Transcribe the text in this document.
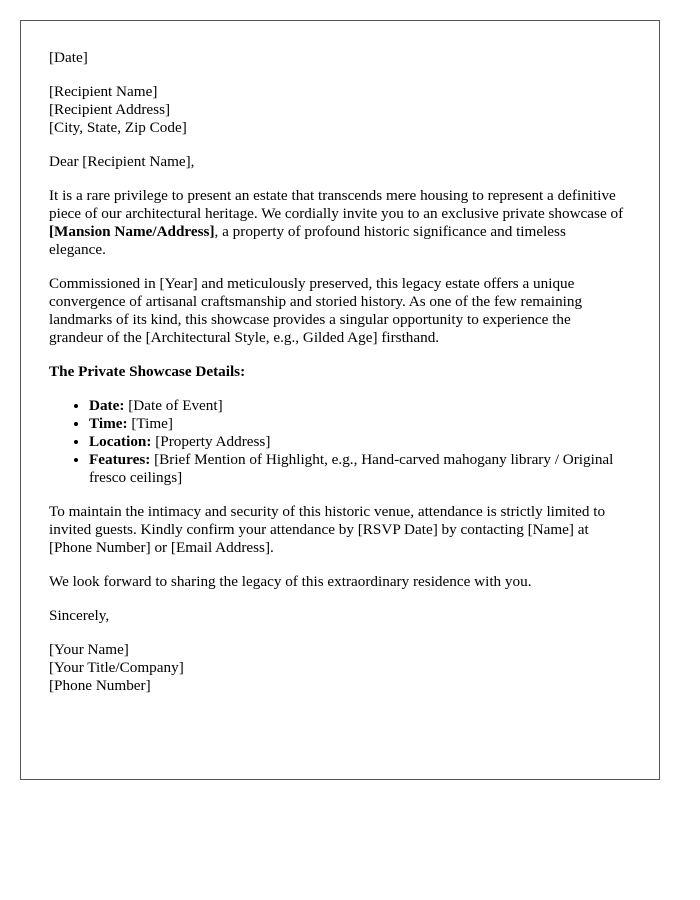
[Date]
[Recipient Name]
[Recipient Address]
[City, State, Zip Code]

Dear [Recipient Name],

It is a rare privilege to present an estate that transcends mere housing to represent a definitive piece of our architectural heritage. We cordially invite you to an exclusive private showcase of [Mansion Name/Address], a property of profound historic significance and timeless elegance.

Commissioned in [Year] and meticulously preserved, this legacy estate offers a unique convergence of artisanal craftsmanship and storied history. As one of the few remaining landmarks of its kind, this showcase provides a singular opportunity to experience the grandeur of the [Architectural Style, e.g., Gilded Age] firsthand.

The Private Showcase Details:
• Date: [Date of Event]
• Time: [Time]
• Location: [Property Address]
• Features: [Brief Mention of Highlight, e.g., Hand-carved mahogany library / Original fresco ceilings]

To maintain the intimacy and security of this historic venue, attendance is strictly limited to invited guests. Kindly confirm your attendance by [RSVP Date] by contacting [Name] at [Phone Number] or [Email Address].

We look forward to sharing the legacy of this extraordinary residence with you.

Sincerely,

[Your Name]
[Your Title/Company]
[Phone Number]
